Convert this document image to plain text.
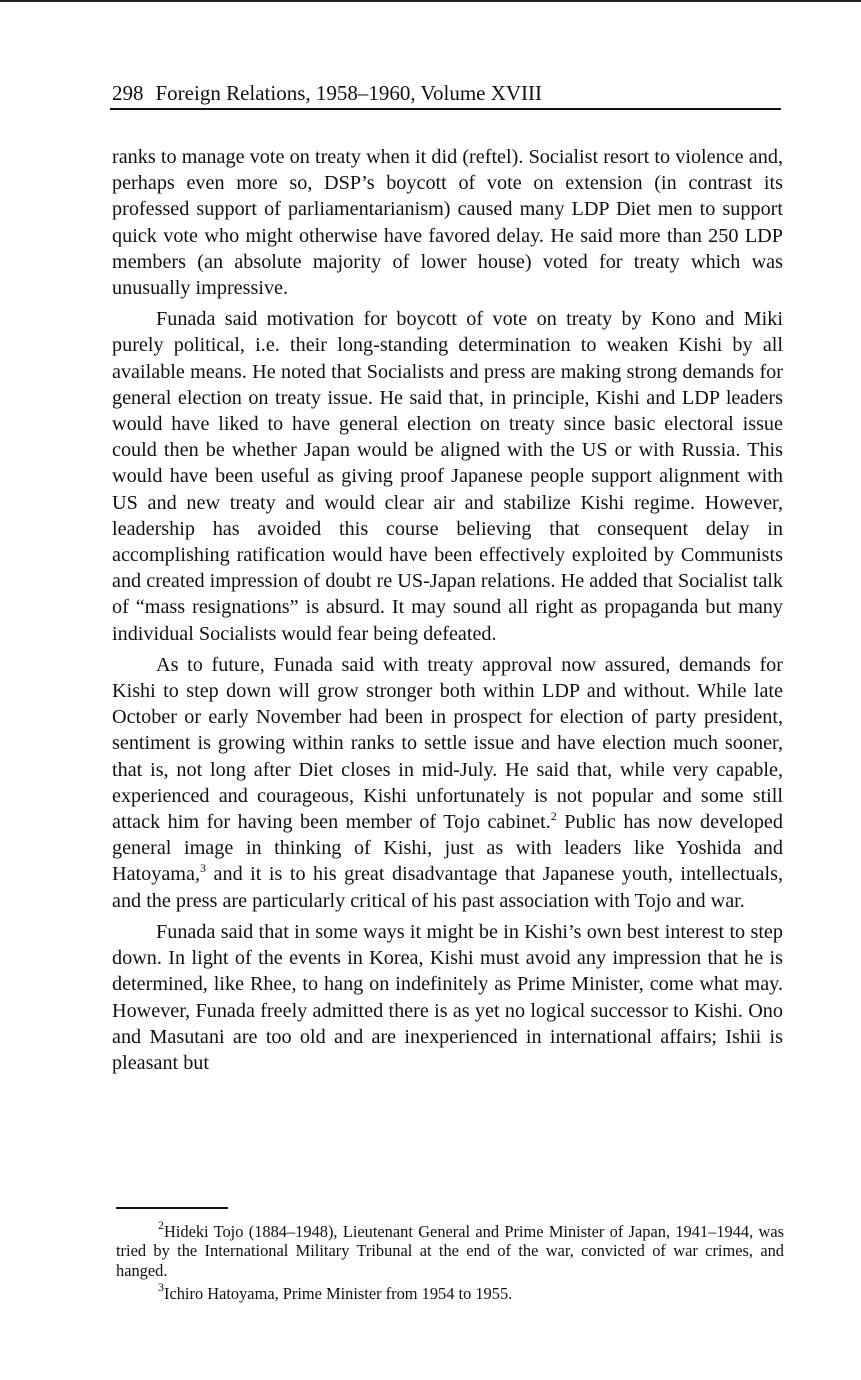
298 Foreign Relations, 1958–1960, Volume XVIII

ranks to manage vote on treaty when it did (reftel). Socialist resort to violence and, perhaps even more so, DSP’s boycott of vote on extension (in contrast its professed support of parliamentarianism) caused many LDP Diet men to support quick vote who might otherwise have favored delay. He said more than 250 LDP members (an absolute majority of lower house) voted for treaty which was unusually impressive.

Funada said motivation for boycott of vote on treaty by Kono and Miki purely political, i.e. their long-standing determination to weaken Kishi by all available means. He noted that Socialists and press are making strong demands for general election on treaty issue. He said that, in principle, Kishi and LDP leaders would have liked to have general election on treaty since basic electoral issue could then be whether Japan would be aligned with the US or with Russia. This would have been useful as giving proof Japanese people support alignment with US and new treaty and would clear air and stabilize Kishi regime. However, leadership has avoided this course believing that consequent delay in accomplishing ratification would have been effectively exploited by Communists and created impression of doubt re US-Japan relations. He added that Socialist talk of “mass resignations” is absurd. It may sound all right as propaganda but many individual Socialists would fear being defeated.

As to future, Funada said with treaty approval now assured, demands for Kishi to step down will grow stronger both within LDP and without. While late October or early November had been in prospect for election of party president, sentiment is growing within ranks to settle issue and have election much sooner, that is, not long after Diet closes in mid-July. He said that, while very capable, experienced and courageous, Kishi unfortunately is not popular and some still attack him for having been member of Tojo cabinet.$^2$ Public has now developed general image in thinking of Kishi, just as with leaders like Yoshida and Hatoyama,$^3$ and it is to his great disadvantage that Japanese youth, intellectuals, and the press are particularly critical of his past association with Tojo and war.

Funada said that in some ways it might be in Kishi’s own best interest to step down. In light of the events in Korea, Kishi must avoid any impression that he is determined, like Rhee, to hang on indefinitely as Prime Minister, come what may. However, Funada freely admitted there is as yet no logical successor to Kishi. Ono and Masutani are too old and are inexperienced in international affairs; Ishii is pleasant but

$^2$Hideki Tojo (1884–1948), Lieutenant General and Prime Minister of Japan, 1941–1944, was tried by the International Military Tribunal at the end of the war, convicted of war crimes, and hanged.

$^3$Ichiro Hatoyama, Prime Minister from 1954 to 1955.
